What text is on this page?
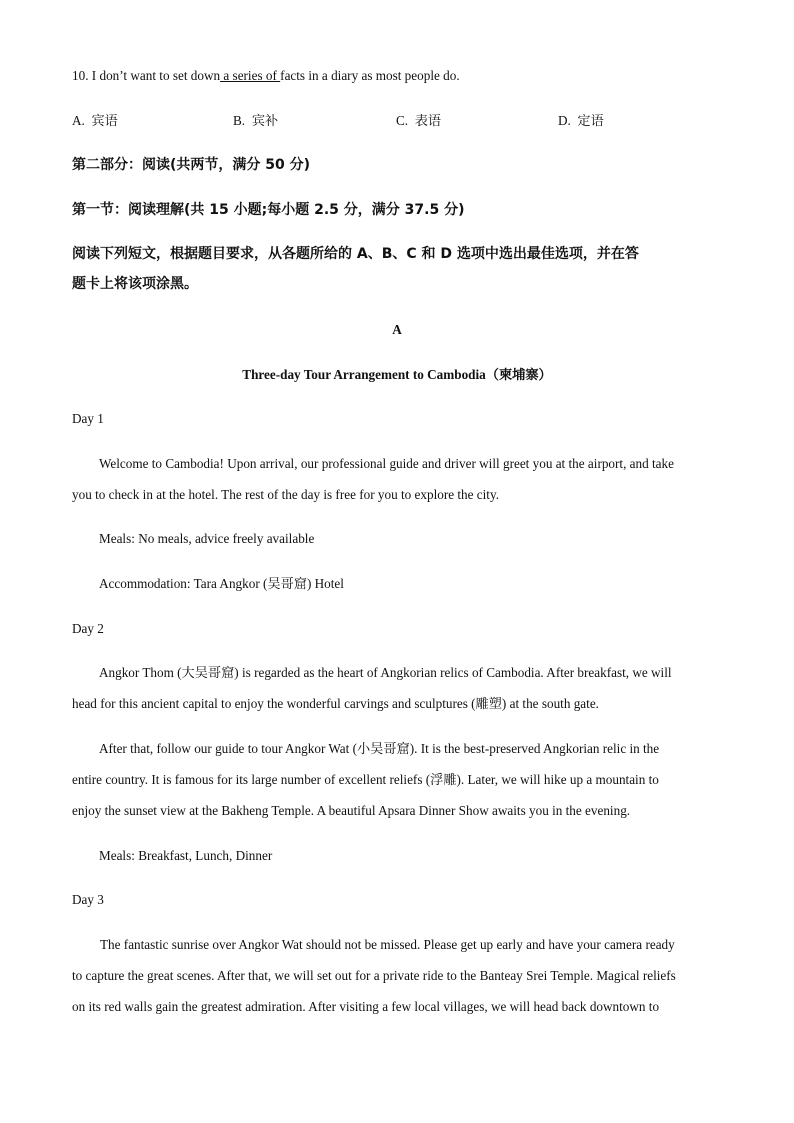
10. I don’t want to set down a series of facts in a diary as most people do.
A. 宾语	B. 宾补	C. 表语	D. 定语
第二部分：阅读(共两节，满分 50 分)
第一节：阅读理解(共 15 小题;每小题 2.5 分，满分 37.5 分)
阅读下列短文，根据题目要求，从各题所给的 A、B、C 和 D 选项中选出最佳选项，并在答
题卡上将该项涂黑。
A
Three-day Tour Arrangement to Cambodia（柬埔寨）
Day 1
Welcome to Cambodia! Upon arrival, our professional guide and driver will greet you at the airport, and take
you to check in at the hotel. The rest of the day is free for you to explore the city.
Meals: No meals, advice freely available
Accommodation: Tara Angkor (吴哥窟) Hotel
Day 2
Angkor Thom (大吴哥窟) is regarded as the heart of Angkorian relics of Cambodia. After breakfast, we will
head for this ancient capital to enjoy the wonderful carvings and sculptures (雕塑) at the south gate.
After that, follow our guide to tour Angkor Wat (小吴哥窟). It is the best-preserved Angkorian relic in the
entire country. It is famous for its large number of excellent reliefs (浮雕). Later, we will hike up a mountain to
enjoy the sunset view at the Bakheng Temple. A beautiful Apsara Dinner Show awaits you in the evening.
Meals: Breakfast, Lunch, Dinner
Day 3
The fantastic sunrise over Angkor Wat should not be missed. Please get up early and have your camera ready
to capture the great scenes. After that, we will set out for a private ride to the Banteay Srei Temple. Magical reliefs
on its red walls gain the greatest admiration. After visiting a few local villages, we will head back downtown to
